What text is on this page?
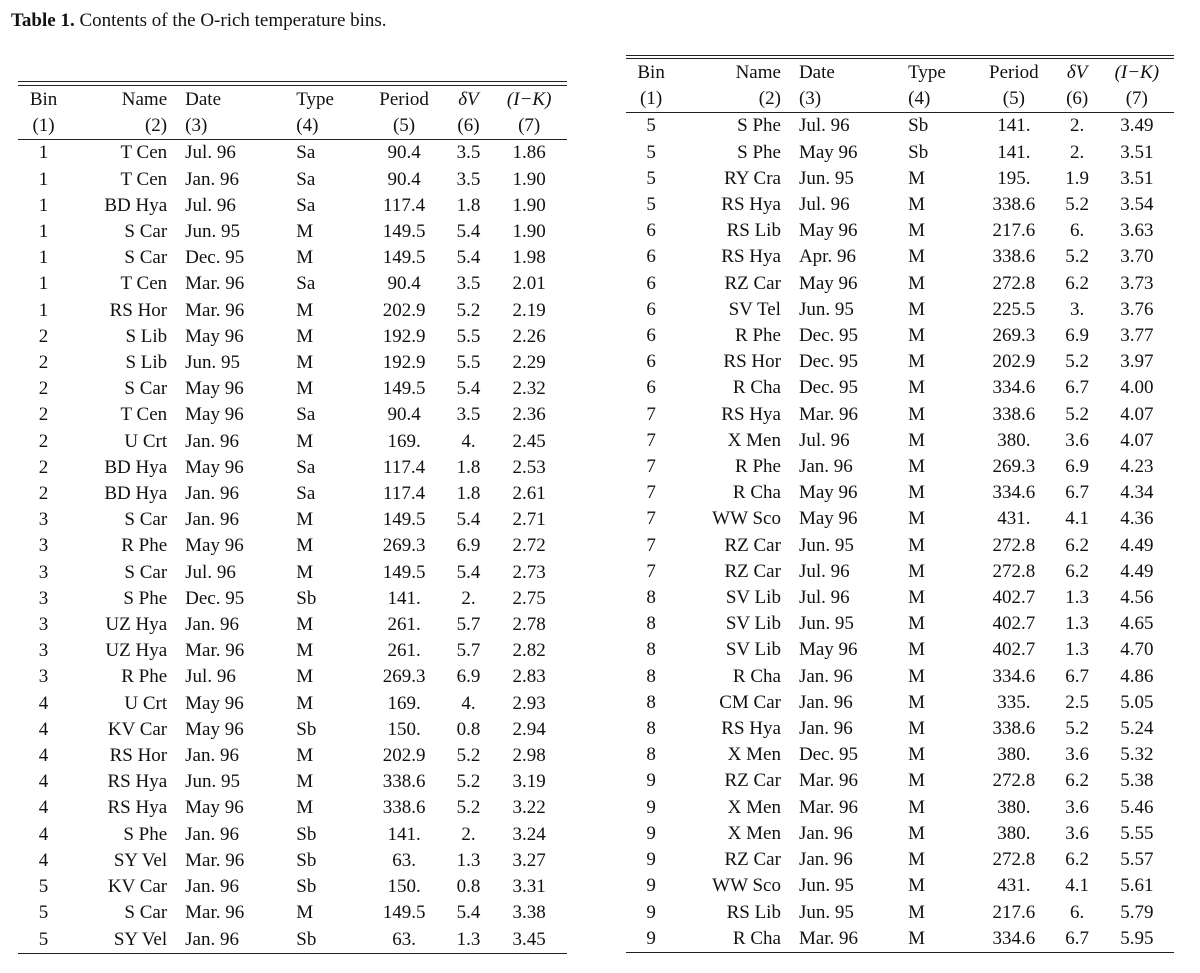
Table 1. Contents of the O-rich temperature bins.
Bin	Name	Date	Type	Period	δV	(I−K)
(1)	(2)	(3)	(4)	(5)	(6)	(7)
1	T Cen	Jul. 96	Sa	90.4	3.5	1.86
1	T Cen	Jan. 96	Sa	90.4	3.5	1.90
1	BD Hya	Jul. 96	Sa	117.4	1.8	1.90
1	S Car	Jun. 95	M	149.5	5.4	1.90
1	S Car	Dec. 95	M	149.5	5.4	1.98
1	T Cen	Mar. 96	Sa	90.4	3.5	2.01
1	RS Hor	Mar. 96	M	202.9	5.2	2.19
2	S Lib	May 96	M	192.9	5.5	2.26
2	S Lib	Jun. 95	M	192.9	5.5	2.29
2	S Car	May 96	M	149.5	5.4	2.32
2	T Cen	May 96	Sa	90.4	3.5	2.36
2	U Crt	Jan. 96	M	169.	4.	2.45
2	BD Hya	May 96	Sa	117.4	1.8	2.53
2	BD Hya	Jan. 96	Sa	117.4	1.8	2.61
3	S Car	Jan. 96	M	149.5	5.4	2.71
3	R Phe	May 96	M	269.3	6.9	2.72
3	S Car	Jul. 96	M	149.5	5.4	2.73
3	S Phe	Dec. 95	Sb	141.	2.	2.75
3	UZ Hya	Jan. 96	M	261.	5.7	2.78
3	UZ Hya	Mar. 96	M	261.	5.7	2.82
3	R Phe	Jul. 96	M	269.3	6.9	2.83
4	U Crt	May 96	M	169.	4.	2.93
4	KV Car	May 96	Sb	150.	0.8	2.94
4	RS Hor	Jan. 96	M	202.9	5.2	2.98
4	RS Hya	Jun. 95	M	338.6	5.2	3.19
4	RS Hya	May 96	M	338.6	5.2	3.22
4	S Phe	Jan. 96	Sb	141.	2.	3.24
4	SY Vel	Mar. 96	Sb	63.	1.3	3.27
5	KV Car	Jan. 96	Sb	150.	0.8	3.31
5	S Car	Mar. 96	M	149.5	5.4	3.38
5	SY Vel	Jan. 96	Sb	63.	1.3	3.45
Bin	Name	Date	Type	Period	δV	(I−K)
(1)	(2)	(3)	(4)	(5)	(6)	(7)
5	S Phe	Jul. 96	Sb	141.	2.	3.49
5	S Phe	May 96	Sb	141.	2.	3.51
5	RY Cra	Jun. 95	M	195.	1.9	3.51
5	RS Hya	Jul. 96	M	338.6	5.2	3.54
6	RS Lib	May 96	M	217.6	6.	3.63
6	RS Hya	Apr. 96	M	338.6	5.2	3.70
6	RZ Car	May 96	M	272.8	6.2	3.73
6	SV Tel	Jun. 95	M	225.5	3.	3.76
6	R Phe	Dec. 95	M	269.3	6.9	3.77
6	RS Hor	Dec. 95	M	202.9	5.2	3.97
6	R Cha	Dec. 95	M	334.6	6.7	4.00
7	RS Hya	Mar. 96	M	338.6	5.2	4.07
7	X Men	Jul. 96	M	380.	3.6	4.07
7	R Phe	Jan. 96	M	269.3	6.9	4.23
7	R Cha	May 96	M	334.6	6.7	4.34
7	WW Sco	May 96	M	431.	4.1	4.36
7	RZ Car	Jun. 95	M	272.8	6.2	4.49
7	RZ Car	Jul. 96	M	272.8	6.2	4.49
8	SV Lib	Jul. 96	M	402.7	1.3	4.56
8	SV Lib	Jun. 95	M	402.7	1.3	4.65
8	SV Lib	May 96	M	402.7	1.3	4.70
8	R Cha	Jan. 96	M	334.6	6.7	4.86
8	CM Car	Jan. 96	M	335.	2.5	5.05
8	RS Hya	Jan. 96	M	338.6	5.2	5.24
8	X Men	Dec. 95	M	380.	3.6	5.32
9	RZ Car	Mar. 96	M	272.8	6.2	5.38
9	X Men	Mar. 96	M	380.	3.6	5.46
9	X Men	Jan. 96	M	380.	3.6	5.55
9	RZ Car	Jan. 96	M	272.8	6.2	5.57
9	WW Sco	Jun. 95	M	431.	4.1	5.61
9	RS Lib	Jun. 95	M	217.6	6.	5.79
9	R Cha	Mar. 96	M	334.6	6.7	5.95
